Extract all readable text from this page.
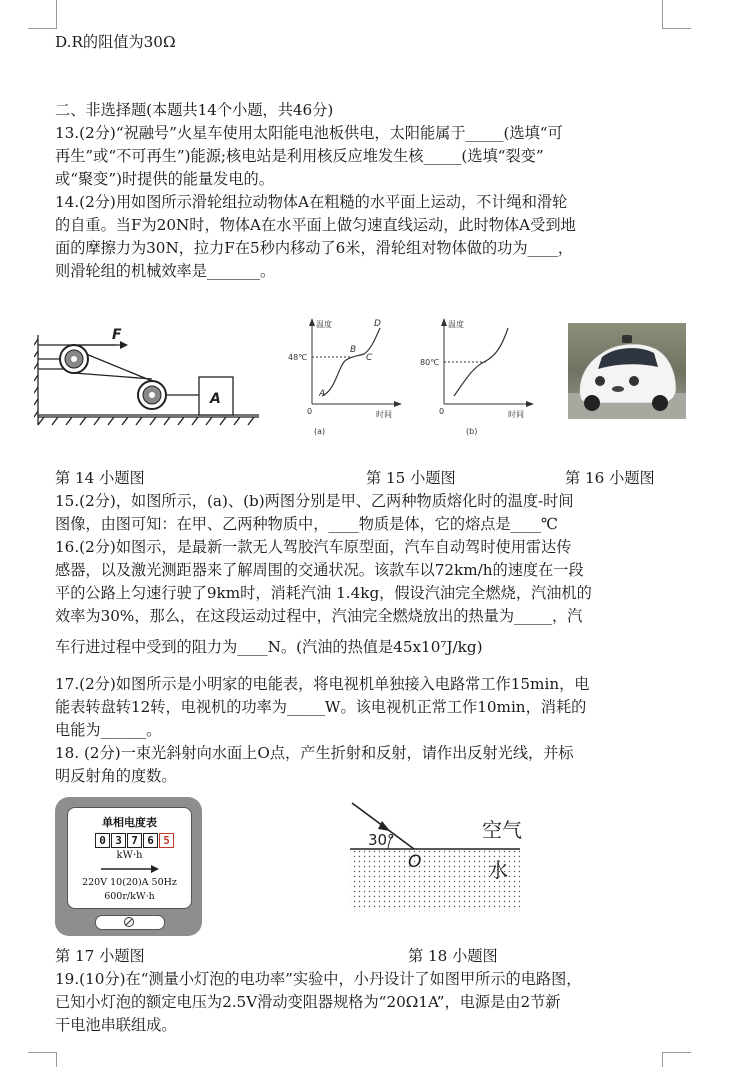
D.R的阻值为30Ω
二、非选择题(本题共14个小题，共46分)
13.(2分)“祝融号”火星车使用太阳能电池板供电，太阳能属于_____(选填“可
再生”或“不可再生”)能源;核电站是利用核反应堆发生核_____(选填“裂变”
或“聚变”)时提供的能量发电的。
14.(2分)用如图所示滑轮组拉动物体A在粗糙的水平面上运动，不计绳和滑轮
的自重。当F为20N时，物体A在水平面上做匀速直线运动，此时物体A受到地
面的摩擦力为30N，拉力F在5秒内移动了6米，滑轮组对物体做的功为____，
则滑轮组的机械效率是_______。
F
A
温度
时间
0
48℃
A
B
C
D
(a)
温度
时间
0
80℃
(b)
第 14 小题图	第 15 小题图	第 16 小题图
15.(2分)，如图所示，(a)、(b)两图分别是甲、乙两种物质熔化时的温度-时间
图像，由图可知：在甲、乙两种物质中，____物质是体，它的熔点是____℃
16.(2分)如图示，是最新一款无人驾胶汽车原型面，汽车自动驾时使用雷达传
感器，以及激光测距器来了解周围的交通状况。该款车以72km/h的速度在一段
平的公路上匀速行驶了9km时，消耗汽油 1.4kg，假设汽油完全燃烧，汽油机的
效率为30%，那么，在这段运动过程中，汽油完全燃烧放出的热量为_____，汽
车行进过程中受到的阻力为____N。(汽油的热值是45x10⁷J/kg)
17.(2分)如图所示是小明家的电能表，将电视机单独接入电路常工作15min，电
能表转盘转12转，电视机的功率为_____W。该电视机正常工作10min，消耗的
电能为______。
18. (2分)一束光斜射向水面上O点，产生折射和反射，请作出反射光线，并标
明反射角的度数。
单相电度表
0 3 7 6 5
kW·h
220V 10(20)A 50Hz
600r/kW·h
30°
O
空气
水
第 17 小题图	第 18 小题图
19.(10分)在“测量小灯泡的电功率”实验中，小丹设计了如图甲所示的电路图，
已知小灯泡的额定电压为2.5V滑动变阻器规格为“20Ω1A”，电源是由2节新
干电池串联组成。
